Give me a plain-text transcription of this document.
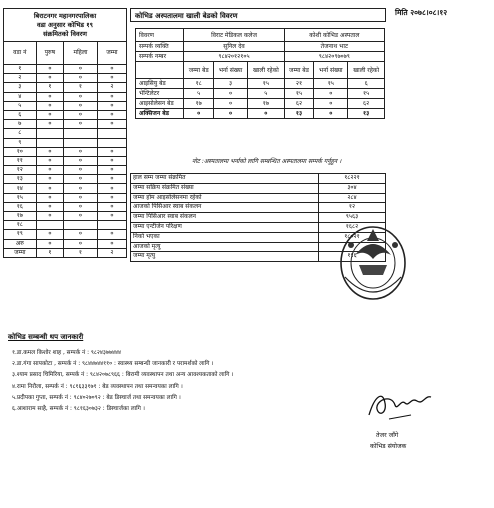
बिराटनगर महानगरपालिका
वडा अनुसार कोभिड १९
संक्रमितको विवरण			

वडा नं	पुरुष	महिला	जम्मा
१	०	०	०
२	०	०	०
३	१	१	२
४	०	०	०
५	०	०	०
६	०	०	०
७	०	०	०
८			
९			
१०	०	०	०
११	०	०	०
१२	०	०	०
१३	०	०	०
१४	०	०	०
१५	०	०	०
१६	०	०	०
१७	०	०	०
१८			
१९	०	०	०
अरु	०	०	०
जम्मा	१	१	२
कोभिड अस्पतालमा खाली बेडको विवरण	मिति २०७८।०८।१२
विवरण	विराट मेडिकल कलेज			कोशी कोभिड अस्पताल		
सम्पर्क व्यक्ति	सुनिल देव			तेजनाथ भाट		
सम्पर्क नम्बर	९८४२०१२१०५			९८४२०९७०७९		
	जम्मा बेड	भर्ना संख्या	खाली रहेको	जम्मा बेड	भर्ना संख्या	खाली रहेको
आइसियु बेड	१८	३	१५	२१	१५	६
भेन्टिलेटर	५	०	५	१५	०	१५
आइसोलेसन बेड	१७	०	१७	६२	०	६२
अक्सिजन बेड	०	०	०	१३	०	१३
नोट :अस्पतालमा भर्नाको लागि सम्बन्धित अस्पतालमा सम्पर्क गर्नुहुन ।
हाल सम्म जम्मा संक्रमित	१८२२१
जम्मा सक्रिय संक्रमित संख्या	३०४
जम्मा होम आइसोलेसनमा रहेको	२८४
आजको पिसिआर स्वाब संकलन	१२
जम्मा पिसिआर स्वाब संकलन	९५६३
जम्मा एन्टीजेन परिक्षण	१६८२
निको भएका	१८०२१
आजको मृत्यु	
जम्मा मृत्यु	१९६
कोभिड सम्बन्धी थप जानकारी
१.डा.कमल किशोर शाह , सम्पर्क नं : ९८२४३७७४४४
२.डा.गंगा सापकोटा , सम्पर्क नं : ९८४४७४४११० : स्वास्थ्य सम्बन्धी जानकारी र परामर्शको लागि ।
३.श्याम प्रसाद चिमिरिया, सम्पर्क नं : ९८४२०७८९६६ : बिरामी व्यवस्थापन तथा अन्य आवश्यकताको लागि ।
४.रामा निरौला, सम्पर्क नं : ९८१६३३१७१ : बेड व्यवस्थापन तथा समन्वयका लागि ।
५.प्रदीपका गुप्ता, सम्पर्क नं : ९८४०२७०९२ : बेड डिस्चार्ज तथा समन्वयका लागि ।
६.आशाराम साहै, सम्पर्क नं : ९८१६३०७३२ : डिस्चार्जका लागि ।
तेजर जाँगे
कोभिड संयोजक
